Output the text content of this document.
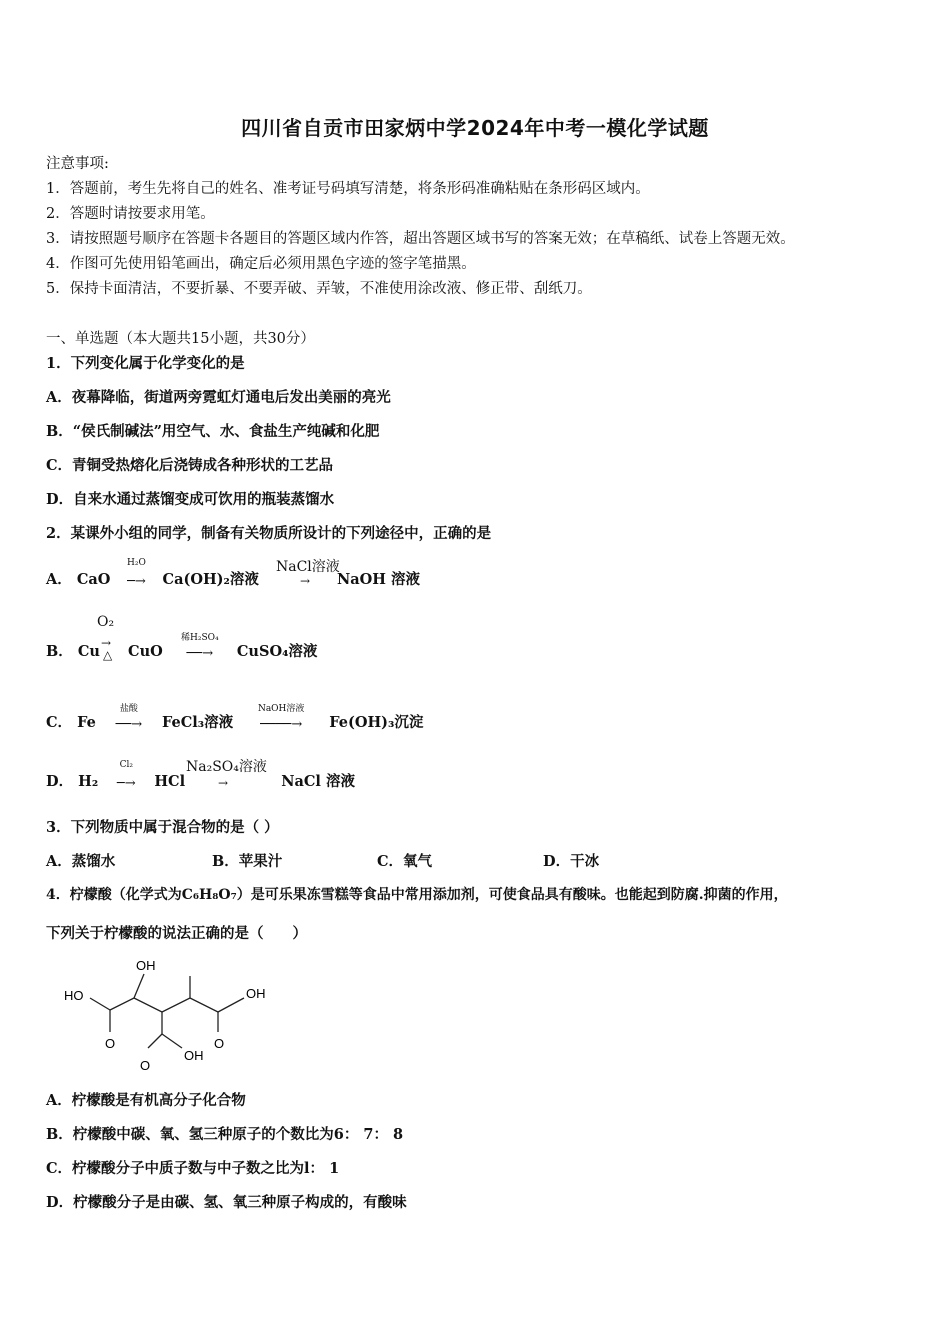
四川省自贡市田家炳中学2024年中考一模化学试题
注意事项:
1．答题前，考生先将自己的姓名、准考证号码填写清楚，将条形码准确粘贴在条形码区域内。
2．答题时请按要求用笔。
3．请按照题号顺序在答题卡各题目的答题区域内作答，超出答题区域书写的答案无效；在草稿纸、试卷上答题无效。
4．作图可先使用铅笔画出，确定后必须用黑色字迹的签字笔描黑。
5．保持卡面清洁，不要折暴、不要弄破、弄皱，不准使用涂改液、修正带、刮纸刀。
一、单选题（本大题共15小题，共30分）
1．下列变化属于化学变化的是
A．夜幕降临，街道两旁霓虹灯通电后发出美丽的亮光
B．“侯氏制碱法”用空气、水、食盐生产纯碱和化肥
C．青铜受热熔化后浇铸成各种形状的工艺品
D．自来水通过蒸馏变成可饮用的瓶装蒸馏水
2．某课外小组的同学，制备有关物质所设计的下列途径中，正确的是
A． CaO
H₂O
─→ Ca(OH)₂溶液	NaOH 溶液
NaCl溶液
→
O₂
B． Cu CuO
稀H₂SO₄
──→ CuSO₄溶液
→
△
C． Fe
盐酸
──→ FeCl₃溶液
NaOH溶液
────→ Fe(OH)₃沉淀
Na₂SO₄溶液
D． H₂
Cl₂
─→ HCl	NaCl 溶液
→
3．下列物质中属于混合物的是（ ）
A．蒸馏水	B．苹果汁	C．氧气	D．干冰
4．柠檬酸（化学式为C₆H₈O₇）是可乐果冻雪糕等食品中常用添加剂，可使食品具有酸味。也能起到防腐.抑菌的作用，
下列关于柠檬酸的说法正确的是（　　）
OH
HO	OH
O
O
OH
O
A．柠檬酸是有机高分子化合物
B．柠檬酸中碳、氧、氢三种原子的个数比为6： 7： 8
C．柠檬酸分子中质子数与中子数之比为l： 1
D．柠檬酸分子是由碳、氢、氧三种原子构成的，有酸味
